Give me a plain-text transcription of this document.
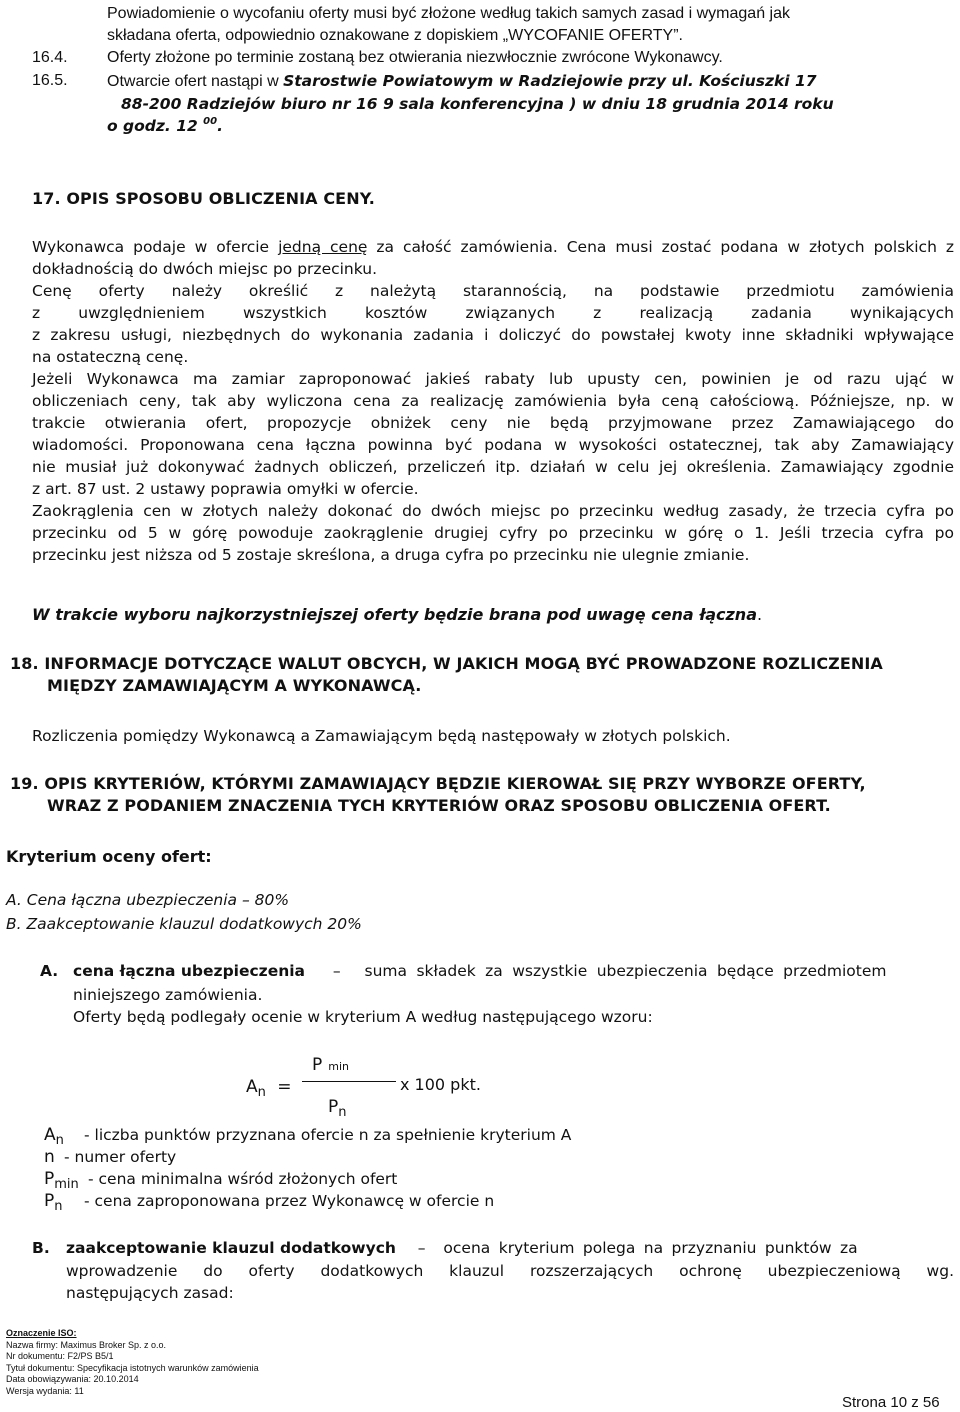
Powiadomienie o wycofaniu oferty musi być złożone według takich samych zasad i wymagań jak
składana oferta, odpowiednio oznakowane z dopiskiem „WYCOFANIE OFERTY”.
16.4. Oferty złożone po terminie zostaną bez otwierania niezwłocznie zwrócone Wykonawcy.
16.5. Otwarcie ofert nastąpi w Starostwie Powiatowym w Radziejowie przy ul. Kościuszki 17
88-200 Radziejów biuro nr 16 9 sala konferencyjna ) w dniu 18 grudnia 2014 roku
o godz. 12 $^{00}$.
17. OPIS SPOSOBU OBLICZENIA CENY.
Wykonawca podaje w ofercie jedną cenę za całość zamówienia. Cena musi zostać podana w złotych polskich z
dokładnością do dwóch miejsc po przecinku.
Cenę oferty należy określić z należytą starannością, na podstawie przedmiotu zamówienia
z uwzględnieniem wszystkich kosztów związanych z realizacją zadania wynikających
z zakresu usługi, niezbędnych do wykonania zadania i doliczyć do powstałej kwoty inne składniki wpływające
na ostateczną cenę.
Jeżeli Wykonawca ma zamiar zaproponować jakieś rabaty lub upusty cen, powinien je od razu ująć w
obliczeniach ceny, tak aby wyliczona cena za realizację zamówienia była ceną całościową. Późniejsze, np. w
trakcie otwierania ofert, propozycje obniżek ceny nie będą przyjmowane przez Zamawiającego do
wiadomości. Proponowana cena łączna powinna być podana w wysokości ostatecznej, tak aby Zamawiający
nie musiał już dokonywać żadnych obliczeń, przeliczeń itp. działań w celu jej określenia. Zamawiający zgodnie
z art. 87 ust. 2 ustawy poprawia omyłki w ofercie.
Zaokrąglenia cen w złotych należy dokonać do dwóch miejsc po przecinku według zasady, że trzecia cyfra po
przecinku od 5 w górę powoduje zaokrąglenie drugiej cyfry po przecinku w górę o 1. Jeśli trzecia cyfra po
przecinku jest niższa od 5 zostaje skreślona, a druga cyfra po przecinku nie ulegnie zmianie.
W trakcie wyboru najkorzystniejszej oferty będzie brana pod uwagę cena łączna.
18. INFORMACJE DOTYCZĄCE WALUT OBCYCH, W JAKICH MOGĄ BYĆ PROWADZONE ROZLICZENIA
MIĘDZY ZAMAWIAJĄCYM A WYKONAWCĄ.
Rozliczenia pomiędzy Wykonawcą a Zamawiającym będą następowały w złotych polskich.
19. OPIS KRYTERIÓW, KTÓRYMI ZAMAWIAJĄCY BĘDZIE KIEROWAŁ SIĘ PRZY WYBORZE OFERTY,
WRAZ Z PODANIEM ZNACZENIA TYCH KRYTERIÓW ORAZ SPOSOBU OBLICZENIA OFERT.
Kryterium oceny ofert:
A. Cena łączna ubezpieczenia – 80%
B. Zaakceptowanie klauzul dodatkowych 20%
A. cena łączna ubezpieczenia – suma składek za wszystkie ubezpieczenia będące przedmiotem
niniejszego zamówienia.
Oferty będą podlegały ocenie w kryterium A według następującego wzoru:
$A_n$ =
Pmin
x 100 pkt.
$P_n$
$A_n$ - liczba punktów przyznana ofercie n za spełnienie kryterium A
n - numer oferty
$P_{min}$ - cena minimalna wśród złożonych ofert
$P_n$ - cena zaproponowana przez Wykonawcę w ofercie n
B. zaakceptowanie klauzul dodatkowych – ocena kryterium polega na przyznaniu punktów za
wprowadzenie do oferty dodatkowych klauzul rozszerzających ochronę ubezpieczeniową wg.
następujących zasad:
Oznaczenie ISO:
Nazwa firmy: Maximus Broker Sp. z o.o.
Nr dokumentu: F2/PS B5/1
Tytuł dokumentu: Specyfikacja istotnych warunków zamówienia
Data obowiązywania: 20.10.2014
Wersja wydania: 11
Strona 10 z 56
